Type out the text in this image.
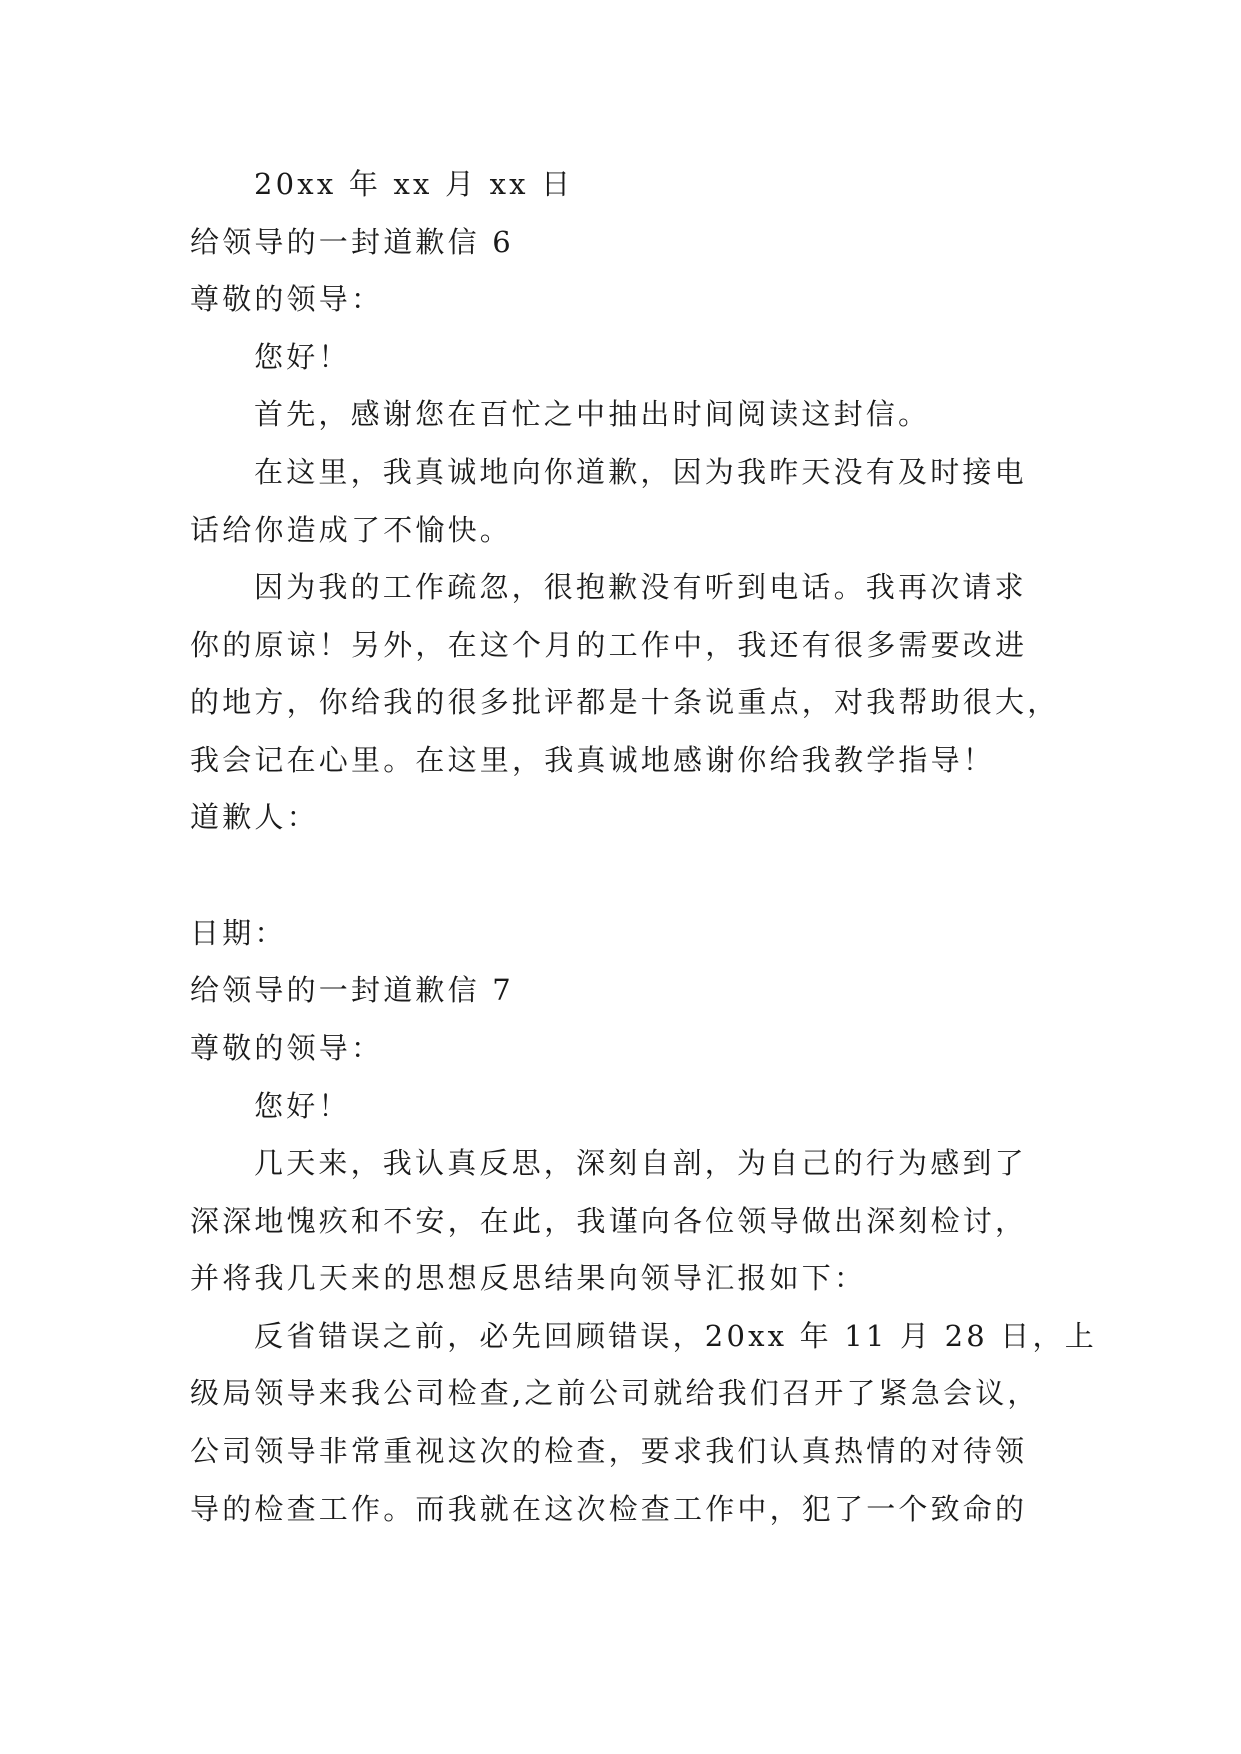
20xx 年 xx 月 xx 日
给领导的一封道歉信 6
尊敬的领导：
您好！
首先，感谢您在百忙之中抽出时间阅读这封信。
在这里，我真诚地向你道歉，因为我昨天没有及时接电
话给你造成了不愉快。
因为我的工作疏忽，很抱歉没有听到电话。我再次请求
你的原谅！另外，在这个月的工作中，我还有很多需要改进
的地方，你给我的很多批评都是十条说重点，对我帮助很大，
我会记在心里。在这里，我真诚地感谢你给我教学指导！
道歉人：
日期：
给领导的一封道歉信 7
尊敬的领导：
您好！
几天来，我认真反思，深刻自剖，为自己的行为感到了
深深地愧疚和不安，在此，我谨向各位领导做出深刻检讨，
并将我几天来的思想反思结果向领导汇报如下：
反省错误之前，必先回顾错误，20xx 年 11 月 28 日，上
级局领导来我公司检查,之前公司就给我们召开了紧急会议，
公司领导非常重视这次的检查，要求我们认真热情的对待领
导的检查工作。而我就在这次检查工作中，犯了一个致命的
